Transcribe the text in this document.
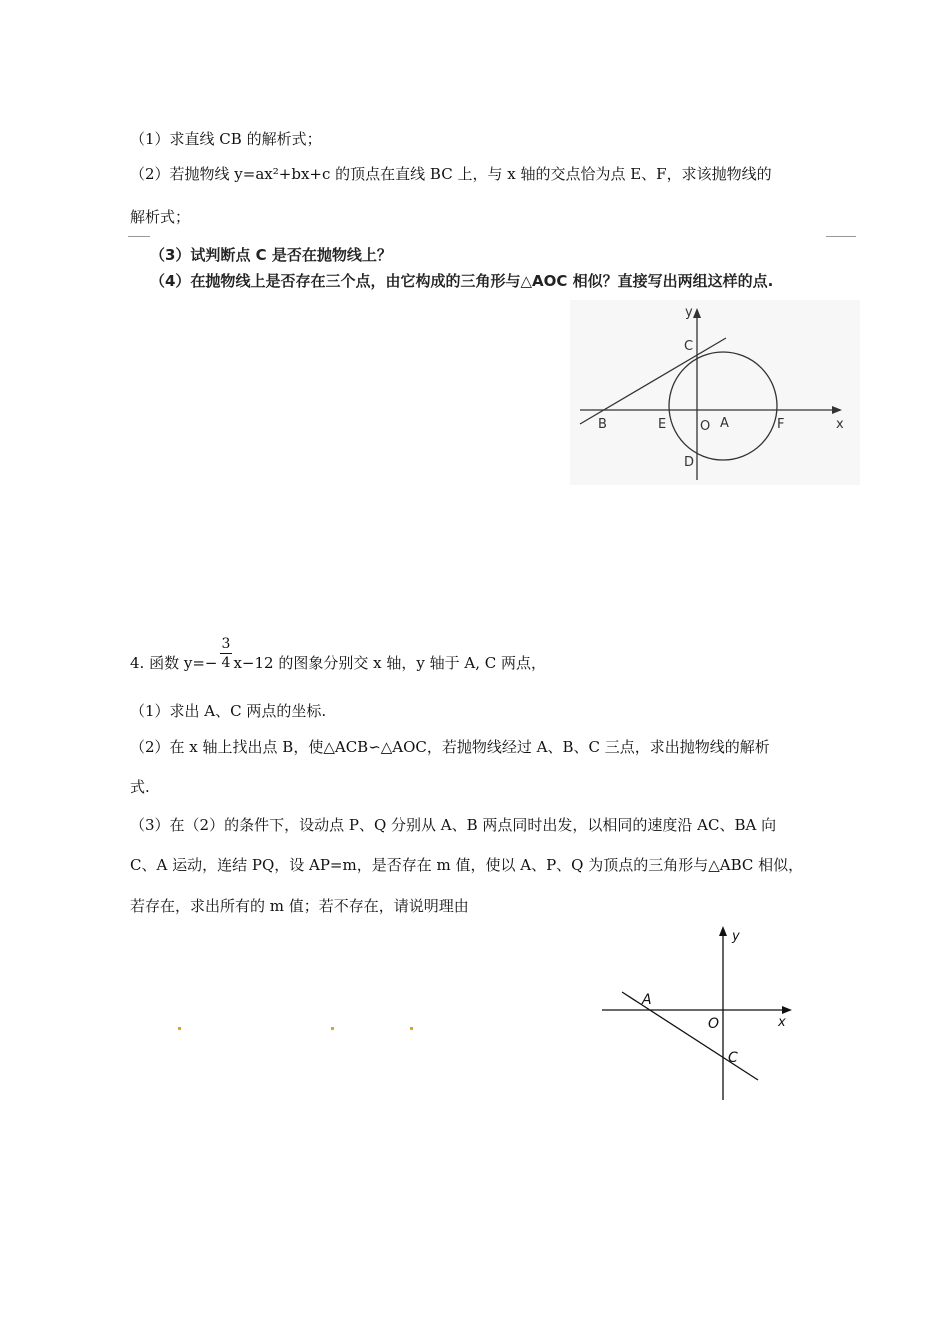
（1）求直线 CB 的解析式；
（2）若抛物线 y=ax²+bx+c 的顶点在直线 BC 上，与 x 轴的交点恰为点 E、F，求该抛物线的
解析式；
（3）试判断点 C 是否在抛物线上？
（4）在抛物线上是否存在三个点，由它构成的三角形与△AOC 相似？直接写出两组这样的点.
y
x
B	E	O A	F
C
D
4. 函数 y=− x−12 的图象分别交 x 轴，y 轴于 A, C 两点，
3
4
（1）求出 A、C 两点的坐标.
（2）在 x 轴上找出点 B，使△ACB∽△AOC，若抛物线经过 A、B、C 三点，求出抛物线的解析
式.
（3）在（2）的条件下，设动点 P、Q 分别从 A、B 两点同时出发，以相同的速度沿 AC、BA 向
C、A 运动，连结 PQ，设 AP=m，是否存在 m 值，使以 A、P、Q 为顶点的三角形与△ABC 相似，
若存在，求出所有的 m 值；若不存在，请说明理由
y
x
A
O
C
